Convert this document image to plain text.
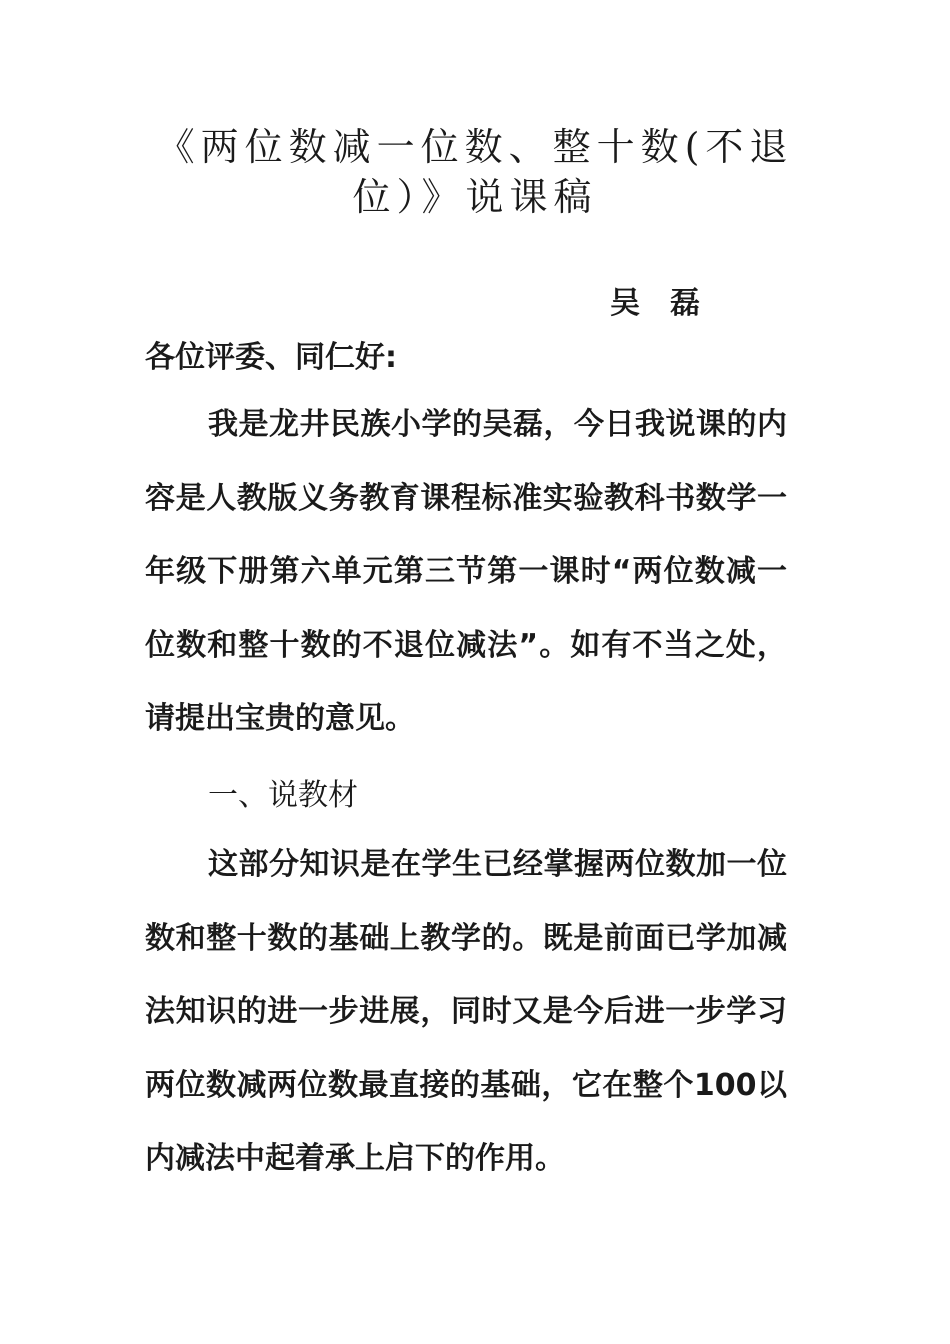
《两位数减一位数、整十数(不退位）》说课稿
吴磊
各位评委、同仁好:

我是龙井民族小学的吴磊，今日我说课的内容是人教版义务教育课程标准实验教科书数学一年级下册第六单元第三节第一课时“两位数减一位数和整十数的不退位减法”。如有不当之处，请提出宝贵的意见。

一、说教材

这部分知识是在学生已经掌握两位数加一位数和整十数的基础上教学的。既是前面已学加减法知识的进一步进展，同时又是今后进一步学习两位数减两位数最直接的基础，它在整个100以内减法中起着承上启下的作用。
